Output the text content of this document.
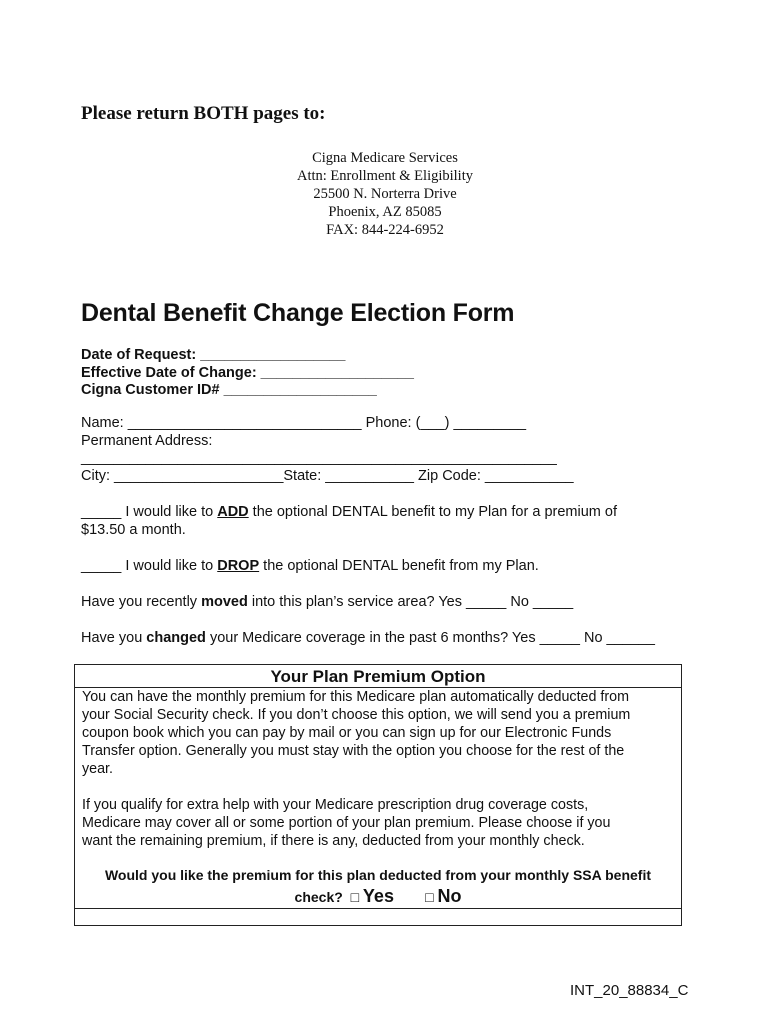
Please return BOTH pages to:
Cigna Medicare Services
Attn: Enrollment & Eligibility
25500 N. Norterra Drive
Phoenix, AZ 85085
FAX: 844-224-6952
Dental Benefit Change Election Form
Date of Request: __________________
Effective Date of Change: ___________________
Cigna Customer ID# ___________________
Name: _____________________________ Phone: (___) _________
Permanent Address:
___________________________________________________________
City: _____________________State: ___________ Zip Code: ___________
_____ I would like to ADD the optional DENTAL benefit to my Plan for a premium of
$13.50 a month.
_____ I would like to DROP the optional DENTAL benefit from my Plan.
Have you recently moved into this plan’s service area? Yes _____ No _____
Have you changed your Medicare coverage in the past 6 months? Yes _____ No ______
Your Plan Premium Option
You can have the monthly premium for this Medicare plan automatically deducted from
your Social Security check. If you don’t choose this option, we will send you a premium
coupon book which you can pay by mail or you can sign up for our Electronic Funds
Transfer option. Generally you must stay with the option you choose for the rest of the
year.
If you qualify for extra help with your Medicare prescription drug coverage costs,
Medicare may cover all or some portion of your plan premium. Please choose if you
want the remaining premium, if there is any, deducted from your monthly check.
Would you like the premium for this plan deducted from your monthly SSA benefit
check? □ Yes □ No
INT_20_88834_C
